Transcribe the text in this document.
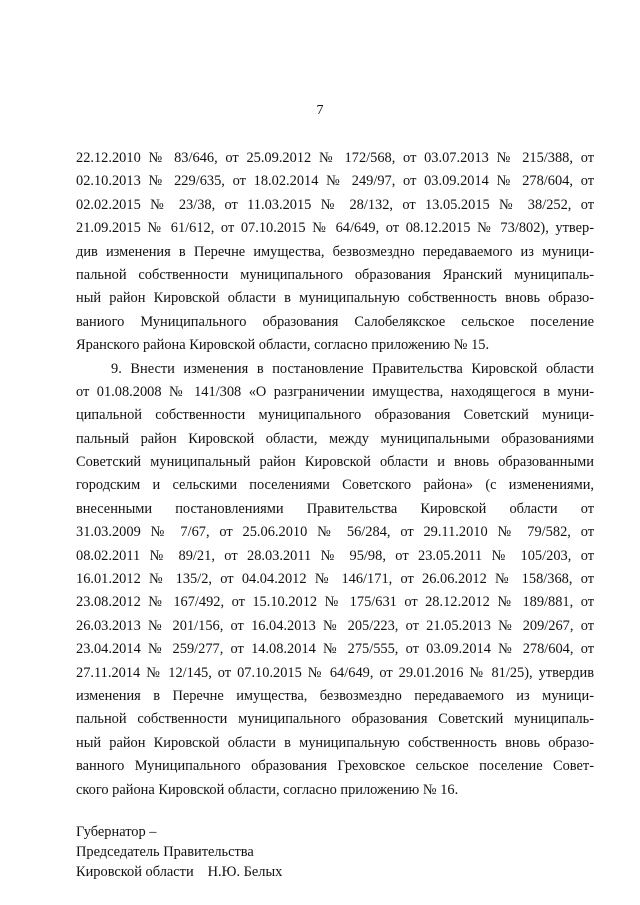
7
22.12.2010 № 83/646, от 25.09.2012 № 172/568, от 03.07.2013 № 215/388, от
02.10.2013 № 229/635, от 18.02.2014 № 249/97, от 03.09.2014 № 278/604, от
02.02.2015 № 23/38, от 11.03.2015 № 28/132, от 13.05.2015 № 38/252, от
21.09.2015 № 61/612, от 07.10.2015 № 64/649, от 08.12.2015 № 73/802), утвер-
див изменения в Перечне имущества, безвозмездно передаваемого из муници-
пальной собственности муниципального образования Яранский муниципаль-
ный район Кировской области в муниципальную собственность вновь образо-
ваниого Муниципального образования Салобелякское сельское поселение
Яранского района Кировской области, согласно приложению № 15.
9. Внести изменения в постановление Правительства Кировской области
от 01.08.2008 № 141/308 «О разграничении имущества, находящегося в муни-
ципальной собственности муниципального образования Советский муници-
пальный район Кировской области, между муниципальными образованиями
Советский муниципальный район Кировской области и вновь образованными
городским и сельскими поселениями Советского района» (с изменениями,
внесенными постановлениями Правительства Кировской области от
31.03.2009 № 7/67, от 25.06.2010 № 56/284, от 29.11.2010 № 79/582, от
08.02.2011 № 89/21, от 28.03.2011 № 95/98, от 23.05.2011 № 105/203, от
16.01.2012 № 135/2, от 04.04.2012 № 146/171, от 26.06.2012 № 158/368, от
23.08.2012 № 167/492, от 15.10.2012 № 175/631 от 28.12.2012 № 189/881, от
26.03.2013 № 201/156, от 16.04.2013 № 205/223, от 21.05.2013 № 209/267, от
23.04.2014 № 259/277, от 14.08.2014 № 275/555, от 03.09.2014 № 278/604, от
27.11.2014 № 12/145, от 07.10.2015 № 64/649, от 29.01.2016 № 81/25), утвердив
изменения в Перечне имущества, безвозмездно передаваемого из муници-
пальной собственности муниципального образования Советский муниципаль-
ный район Кировской области в муниципальную собственность вновь образо-
ванного Муниципального образования Греховское сельское поселение Совет-
ского района Кировской области, согласно приложению № 16.
Губернатор –
Председатель Правительства
Кировской области Н.Ю. Белых
